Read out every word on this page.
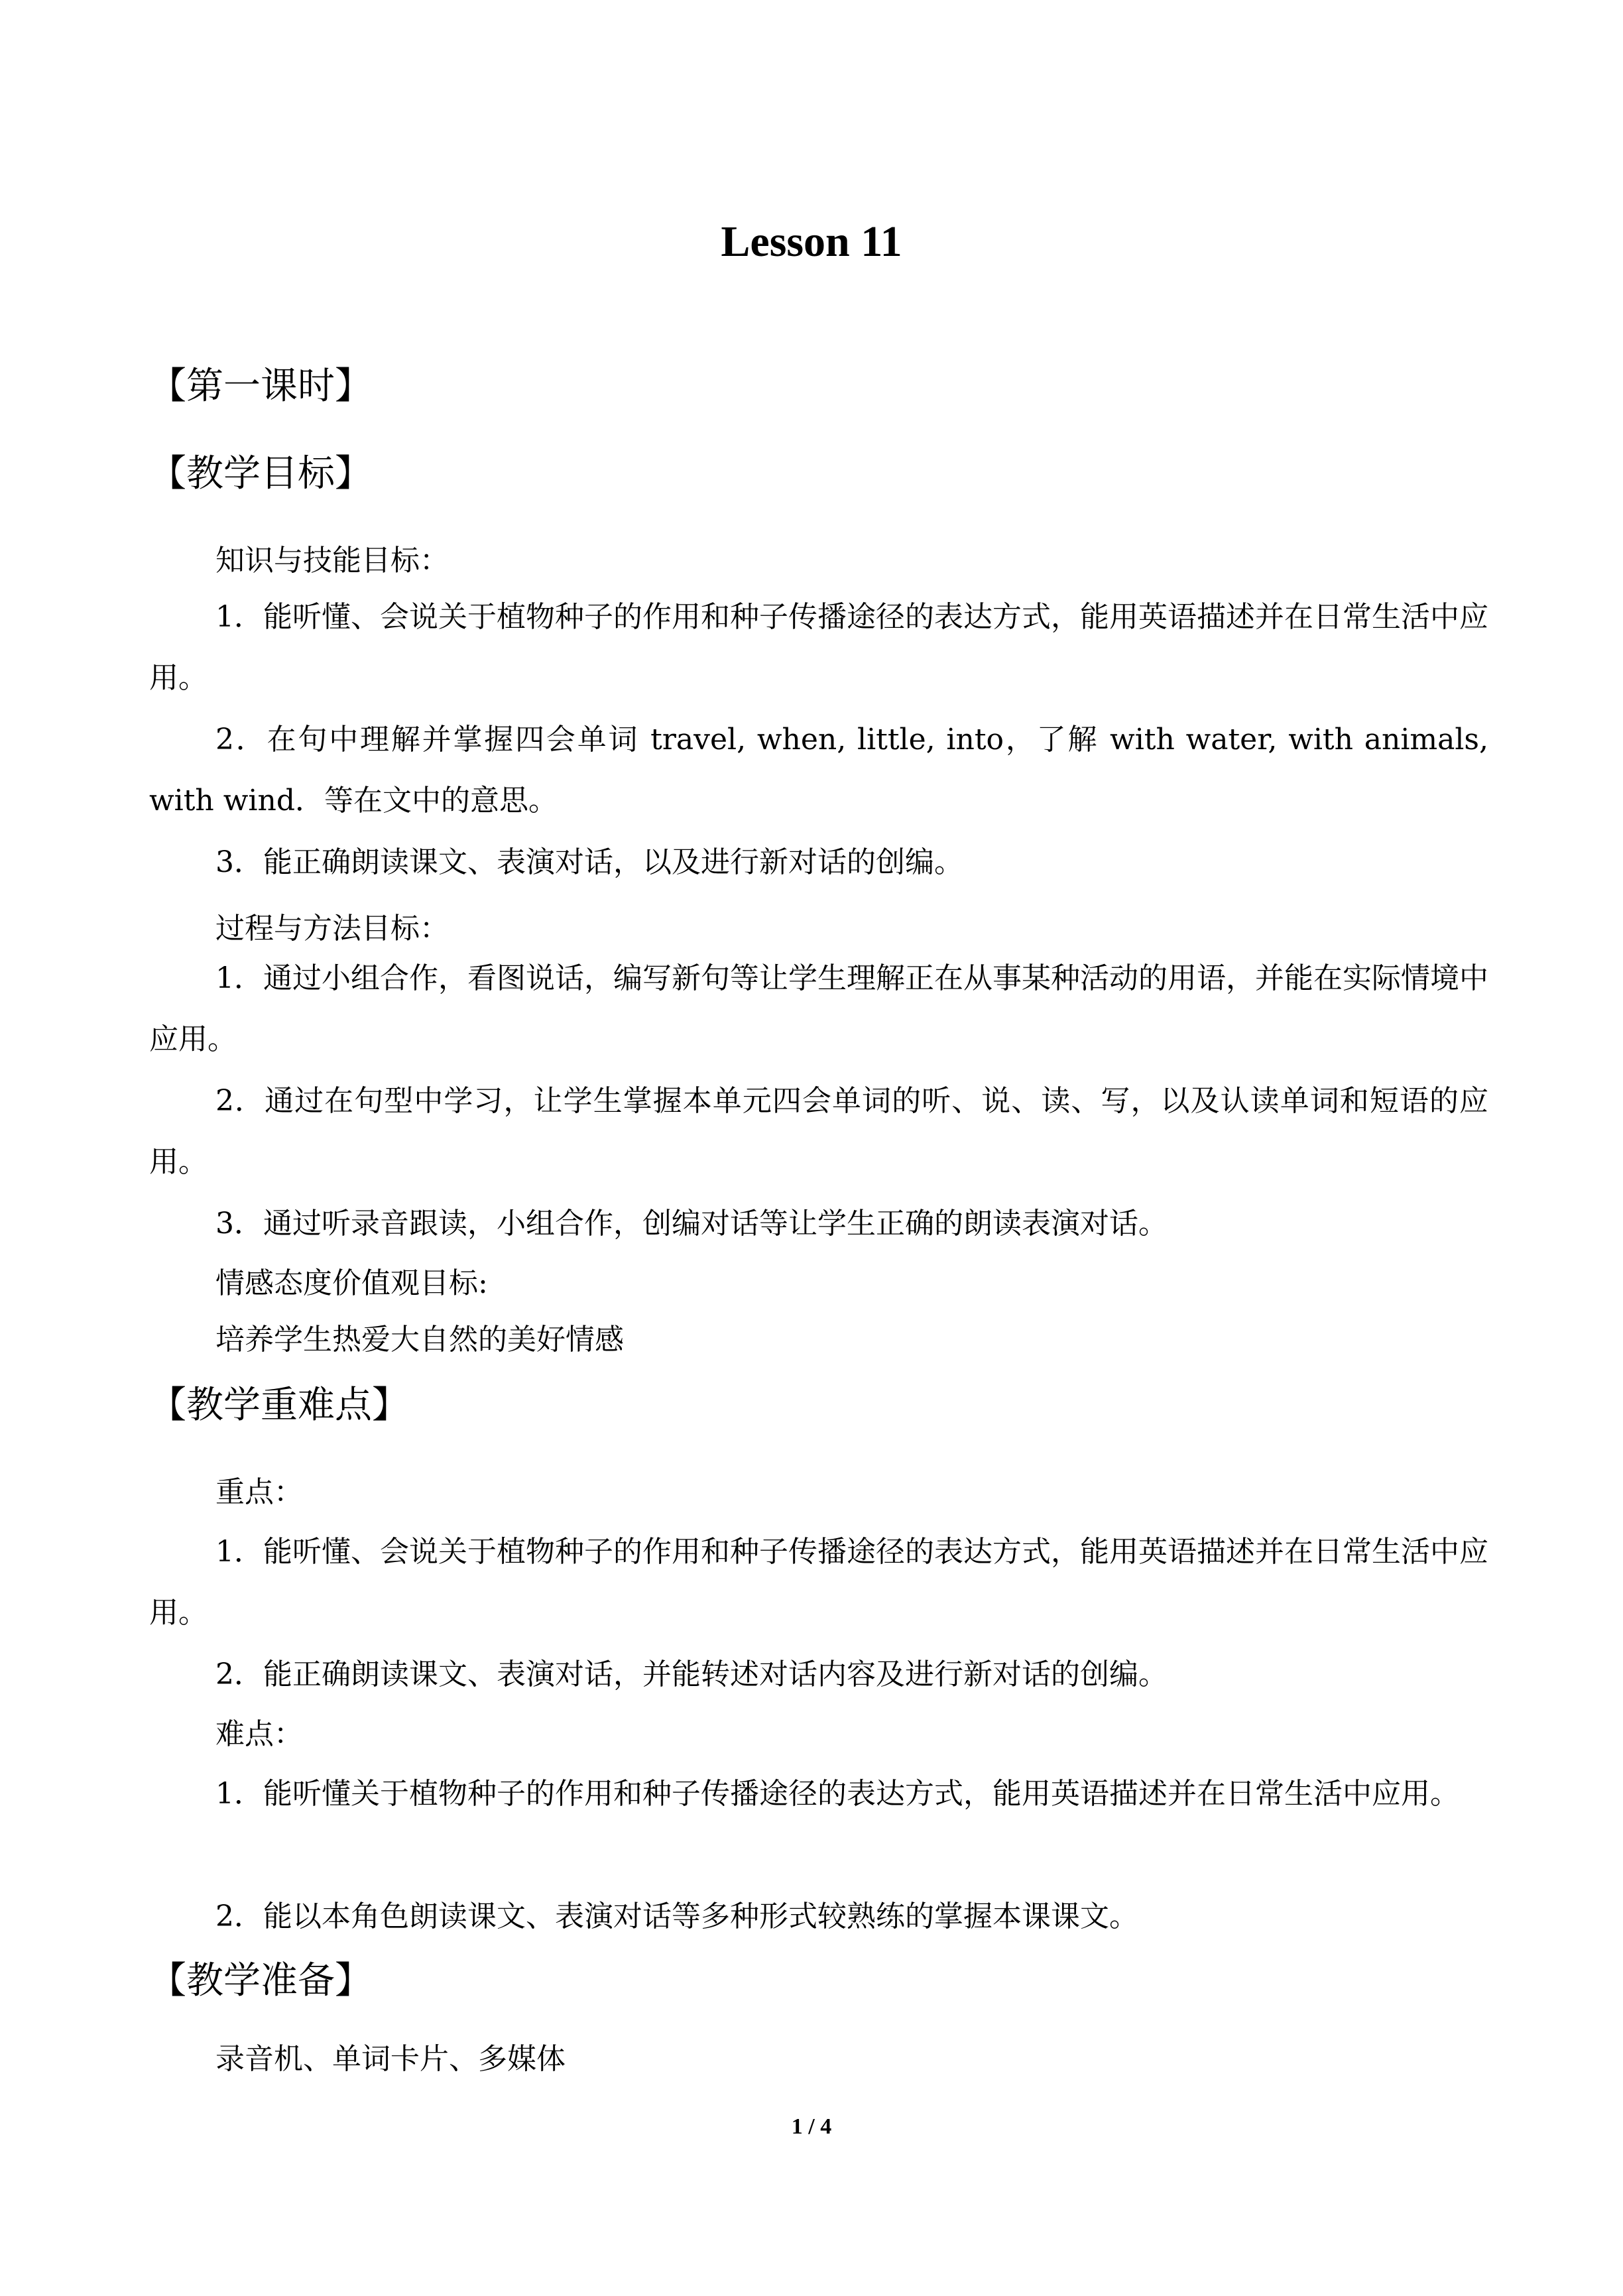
Lesson 11
【第一课时】
【教学目标】

知识与技能目标：

1．能听懂、会说关于植物种子的作用和种子传播途径的表达方式，能用英语描述并在日常生活中应用。

2．在句中理解并掌握四会单词 travel, when, little, into，了解 with water, with animals, with wind．等在文中的意思。

3．能正确朗读课文、表演对话，以及进行新对话的创编。

过程与方法目标：

1．通过小组合作，看图说话，编写新句等让学生理解正在从事某种活动的用语，并能在实际情境中应用。

2．通过在句型中学习，让学生掌握本单元四会单词的听、说、读、写，以及认读单词和短语的应用。

3．通过听录音跟读，小组合作，创编对话等让学生正确的朗读表演对话。

情感态度价值观目标:

培养学生热爱大自然的美好情感

【教学重难点】

重点：

1．能听懂、会说关于植物种子的作用和种子传播途径的表达方式，能用英语描述并在日常生活中应用。

2．能正确朗读课文、表演对话，并能转述对话内容及进行新对话的创编。

难点：

1．能听懂关于植物种子的作用和种子传播途径的表达方式，能用英语描述并在日常生活中应用。

2．能以本角色朗读课文、表演对话等多种形式较熟练的掌握本课课文。

【教学准备】

录音机、单词卡片、多媒体

1 / 4
